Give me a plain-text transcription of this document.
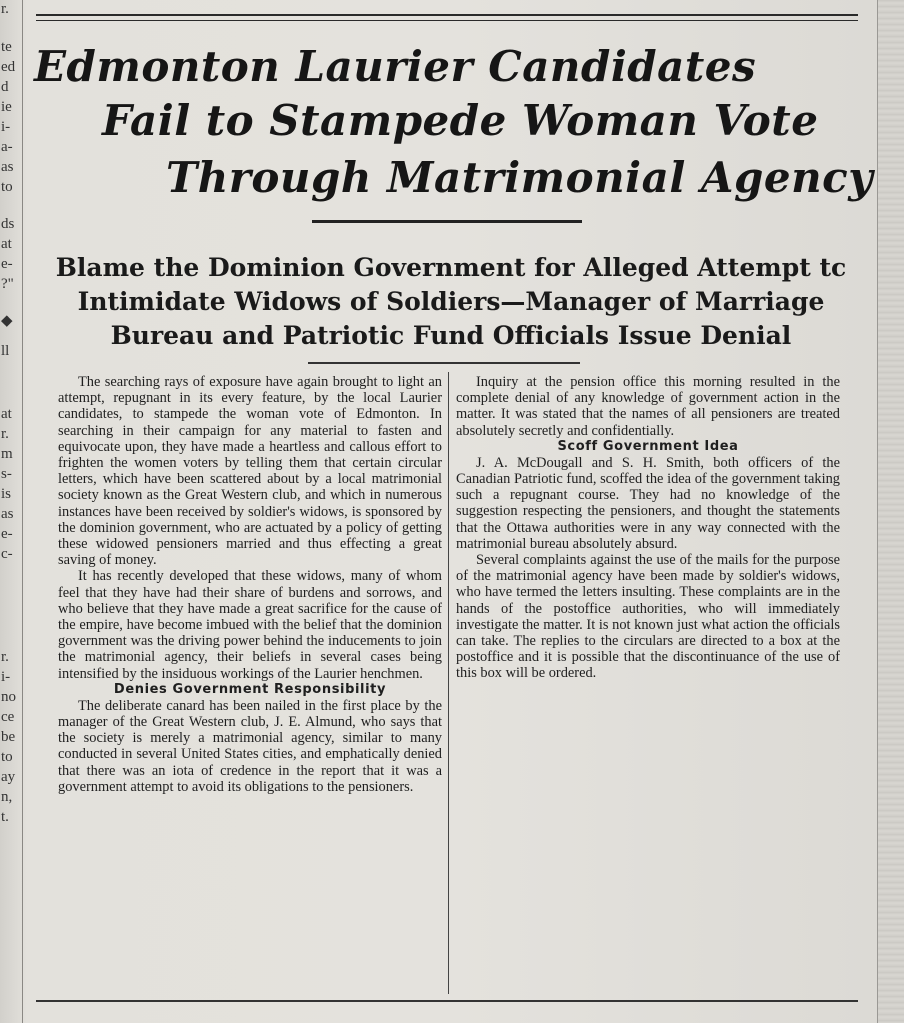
r.
te
ed
d
ie
i-
a-
as
to
ds
at
e-
?"
◆
ll
at
r.
m
s-
is
as
e-
c-
r.
i-
no
ce
be
to
ay
n,
t.
Edmonton Laurier Candidates
Fail to Stampede Woman Vote
Through Matrimonial Agency
Blame the Dominion Government for Alleged Attempt tc
Intimidate Widows of Soldiers—Manager of Marriage
Bureau and Patriotic Fund Officials Issue Denial

The searching rays of exposure have again brought to light an attempt, repugnant in its every feature, by the local Laurier candidates, to stampede the woman vote of Edmonton. In searching in their campaign for any material to fasten and equivocate upon, they have made a heartless and callous effort to frighten the women voters by telling them that certain circular letters, which have been scattered about by a local matrimonial society known as the Great Western club, and which in numerous instances have been received by soldier's widows, is sponsored by the dominion government, who are actuated by a policy of getting these widowed pensioners married and thus effecting a great saving of money.

It has recently developed that these widows, many of whom feel that they have had their share of burdens and sorrows, and who believe that they have made a great sacrifice for the cause of the empire, have become imbued with the belief that the dominion government was the driving power behind the inducements to join the matrimonial agency, their beliefs in several cases being intensified by the insiduous workings of the Laurier henchmen.

Denies Government Responsibility

The deliberate canard has been nailed in the first place by the manager of the Great Western club, J. E. Almund, who says that the society is merely a matrimonial agency, similar to many conducted in several United States cities, and emphatically denied that there was an iota of credence in the report that it was a government attempt to avoid its obligations to the pensioners.

Inquiry at the pension office this morning resulted in the complete denial of any knowledge of government action in the matter. It was stated that the names of all pensioners are treated absolutely secretly and confidentially.

Scoff Government Idea

J. A. McDougall and S. H. Smith, both officers of the Canadian Patriotic fund, scoffed the idea of the government taking such a repugnant course. They had no knowledge of the suggestion respecting the pensioners, and thought the statements that the Ottawa authorities were in any way connected with the matrimonial bureau absolutely absurd.

Several complaints against the use of the mails for the purpose of the matrimonial agency have been made by soldier's widows, who have termed the letters insulting. These complaints are in the hands of the postoffice authorities, who will immediately investigate the matter. It is not known just what action the officials can take. The replies to the circulars are directed to a box at the postoffice and it is possible that the discontinuance of the use of this box will be ordered.
